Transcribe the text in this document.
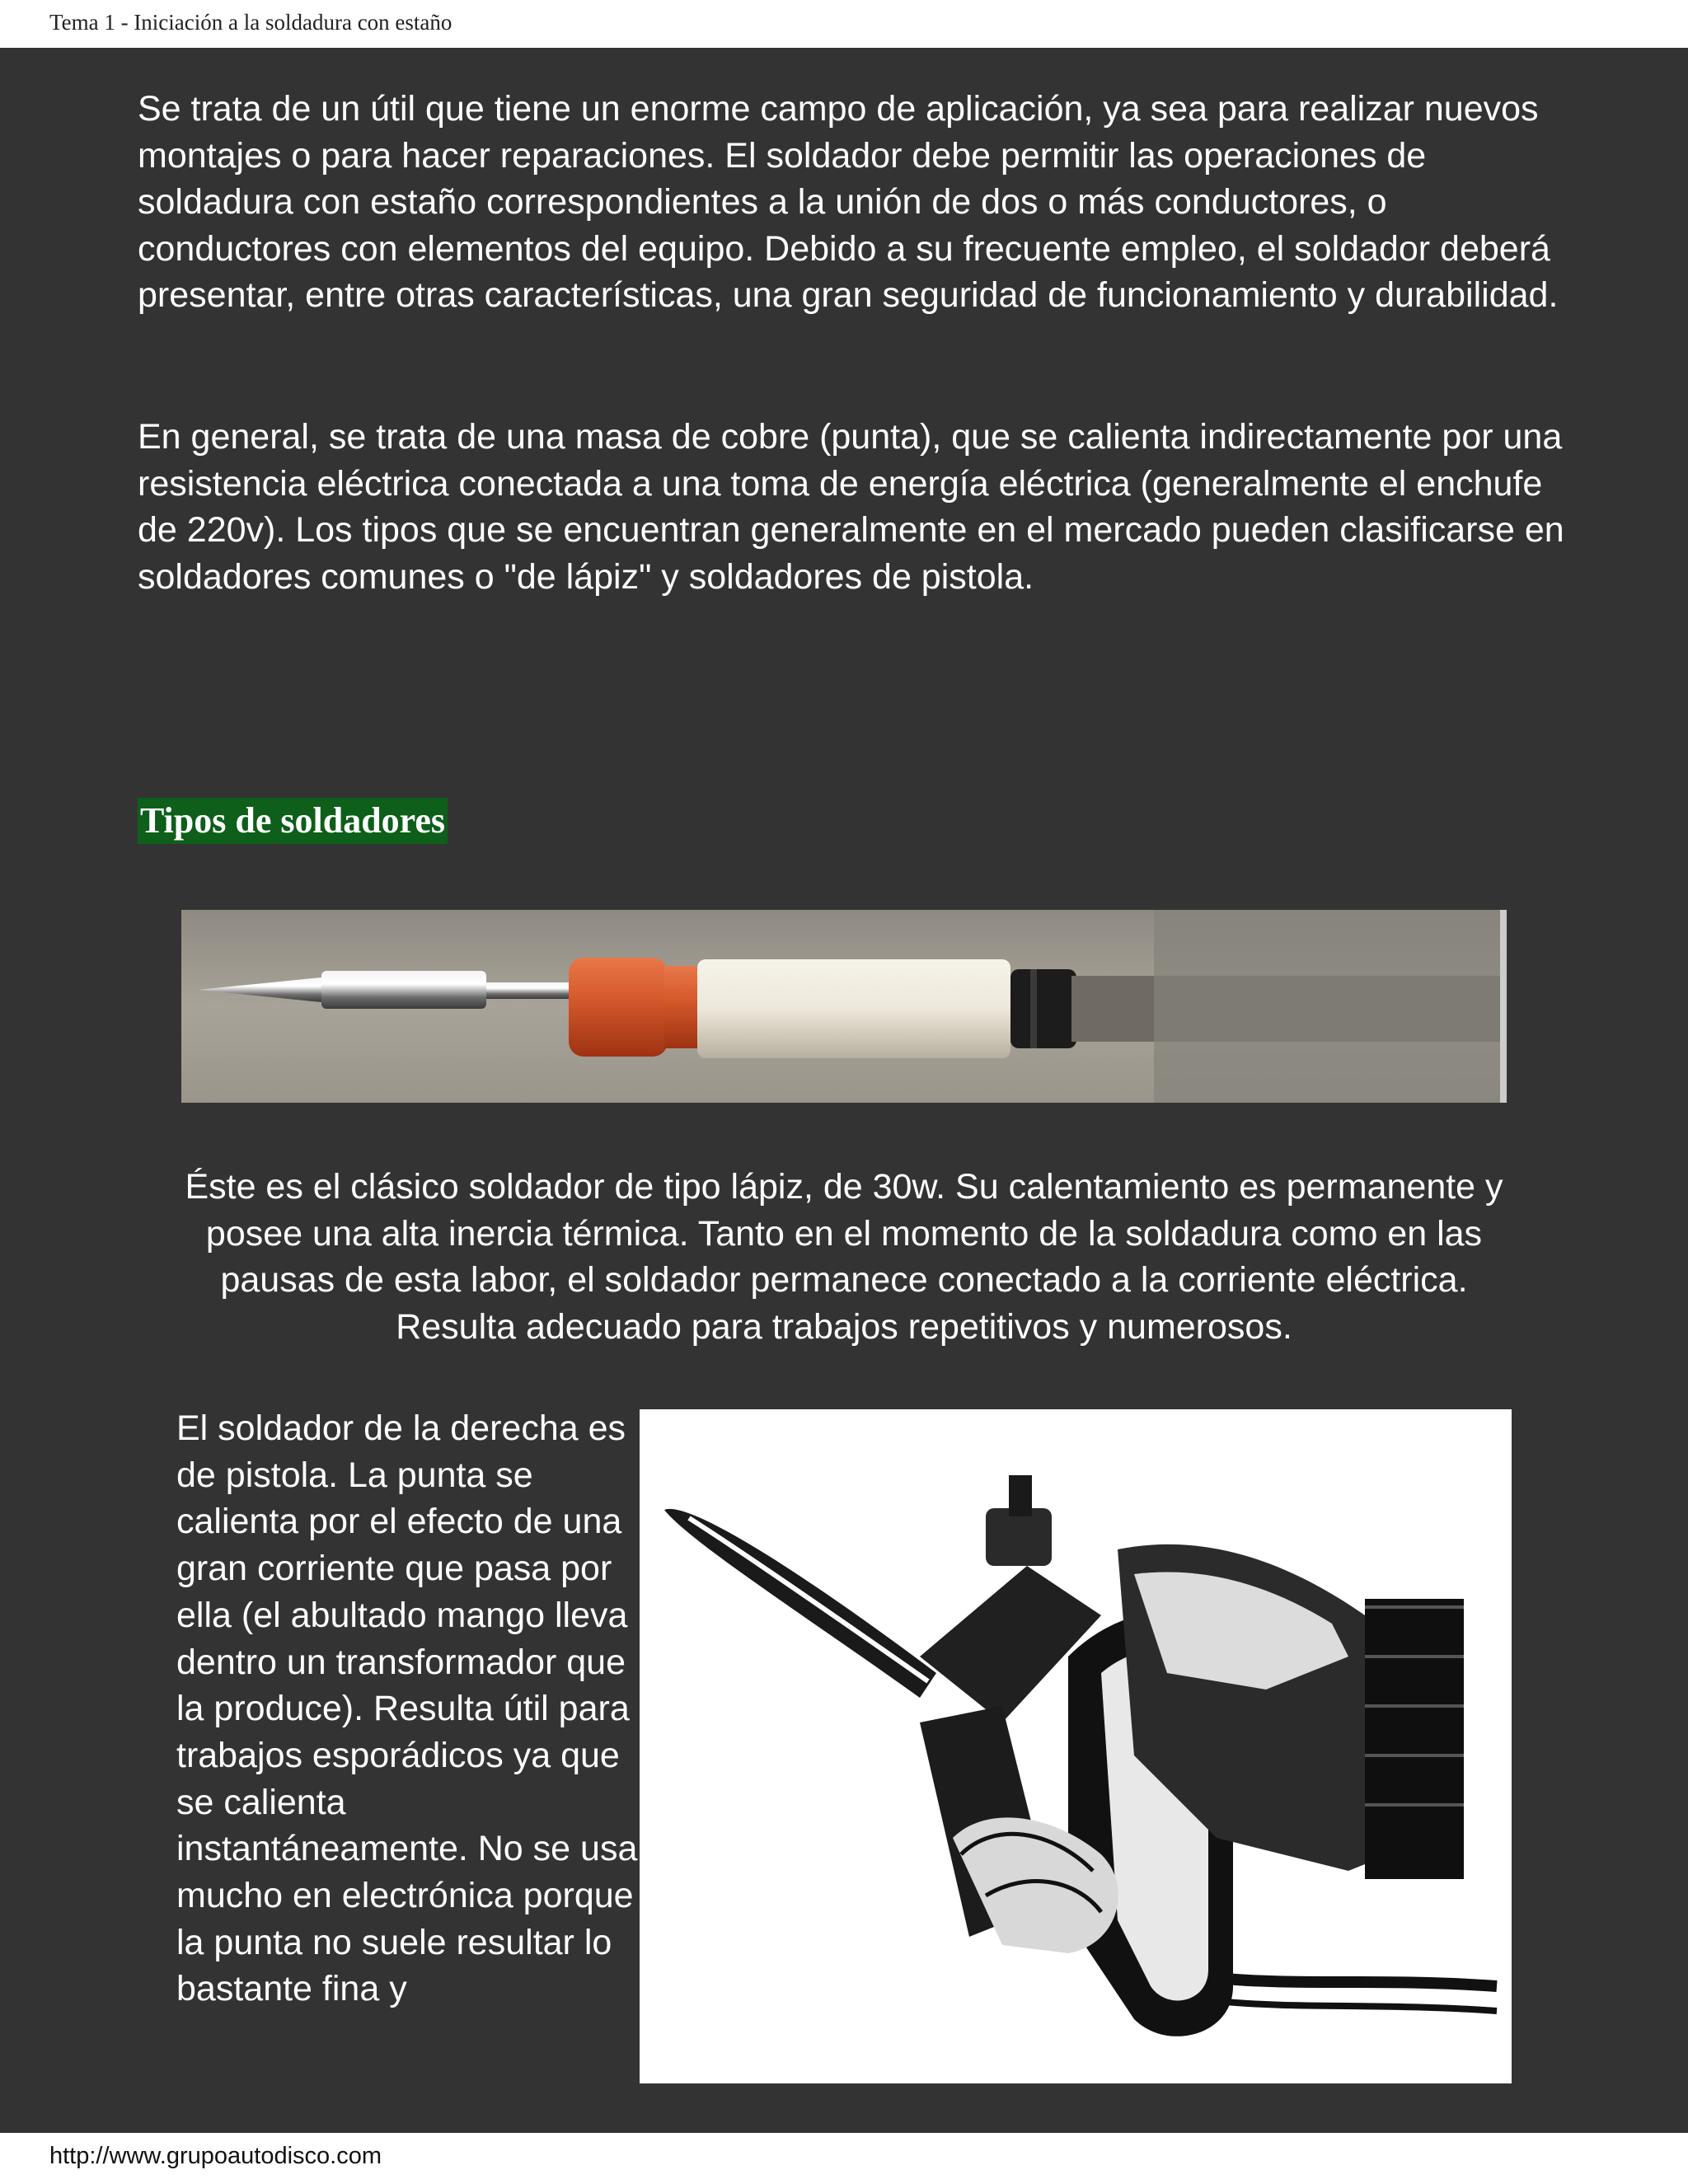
Tema 1 - Iniciación a la soldadura con estaño

Se trata de un útil que tiene un enorme campo de aplicación, ya sea para realizar nuevos montajes o para hacer reparaciones. El soldador debe permitir las operaciones de soldadura con estaño correspondientes a la unión de dos o más conductores, o conductores con elementos del equipo. Debido a su frecuente empleo, el soldador deberá presentar, entre otras características, una gran seguridad de funcionamiento y durabilidad.

En general, se trata de una masa de cobre (punta), que se calienta indirectamente por una resistencia eléctrica conectada a una toma de energía eléctrica (generalmente el enchufe de 220v). Los tipos que se encuentran generalmente en el mercado pueden clasificarse en soldadores comunes o "de lápiz" y soldadores de pistola.

Tipos de soldadores

Éste es el clásico soldador de tipo lápiz, de 30w. Su calentamiento es permanente y posee una alta inercia térmica. Tanto en el momento de la soldadura como en las pausas de esta labor, el soldador permanece conectado a la corriente eléctrica. Resulta adecuado para trabajos repetitivos y numerosos.

El soldador de la derecha es de pistola. La punta se calienta por el efecto de una gran corriente que pasa por ella (el abultado mango lleva dentro un transformador que la produce). Resulta útil para trabajos esporádicos ya que se calienta instantáneamente. No se usa mucho en electrónica porque la punta no suele resultar lo bastante fina y

http://www.grupoautodisco.com
